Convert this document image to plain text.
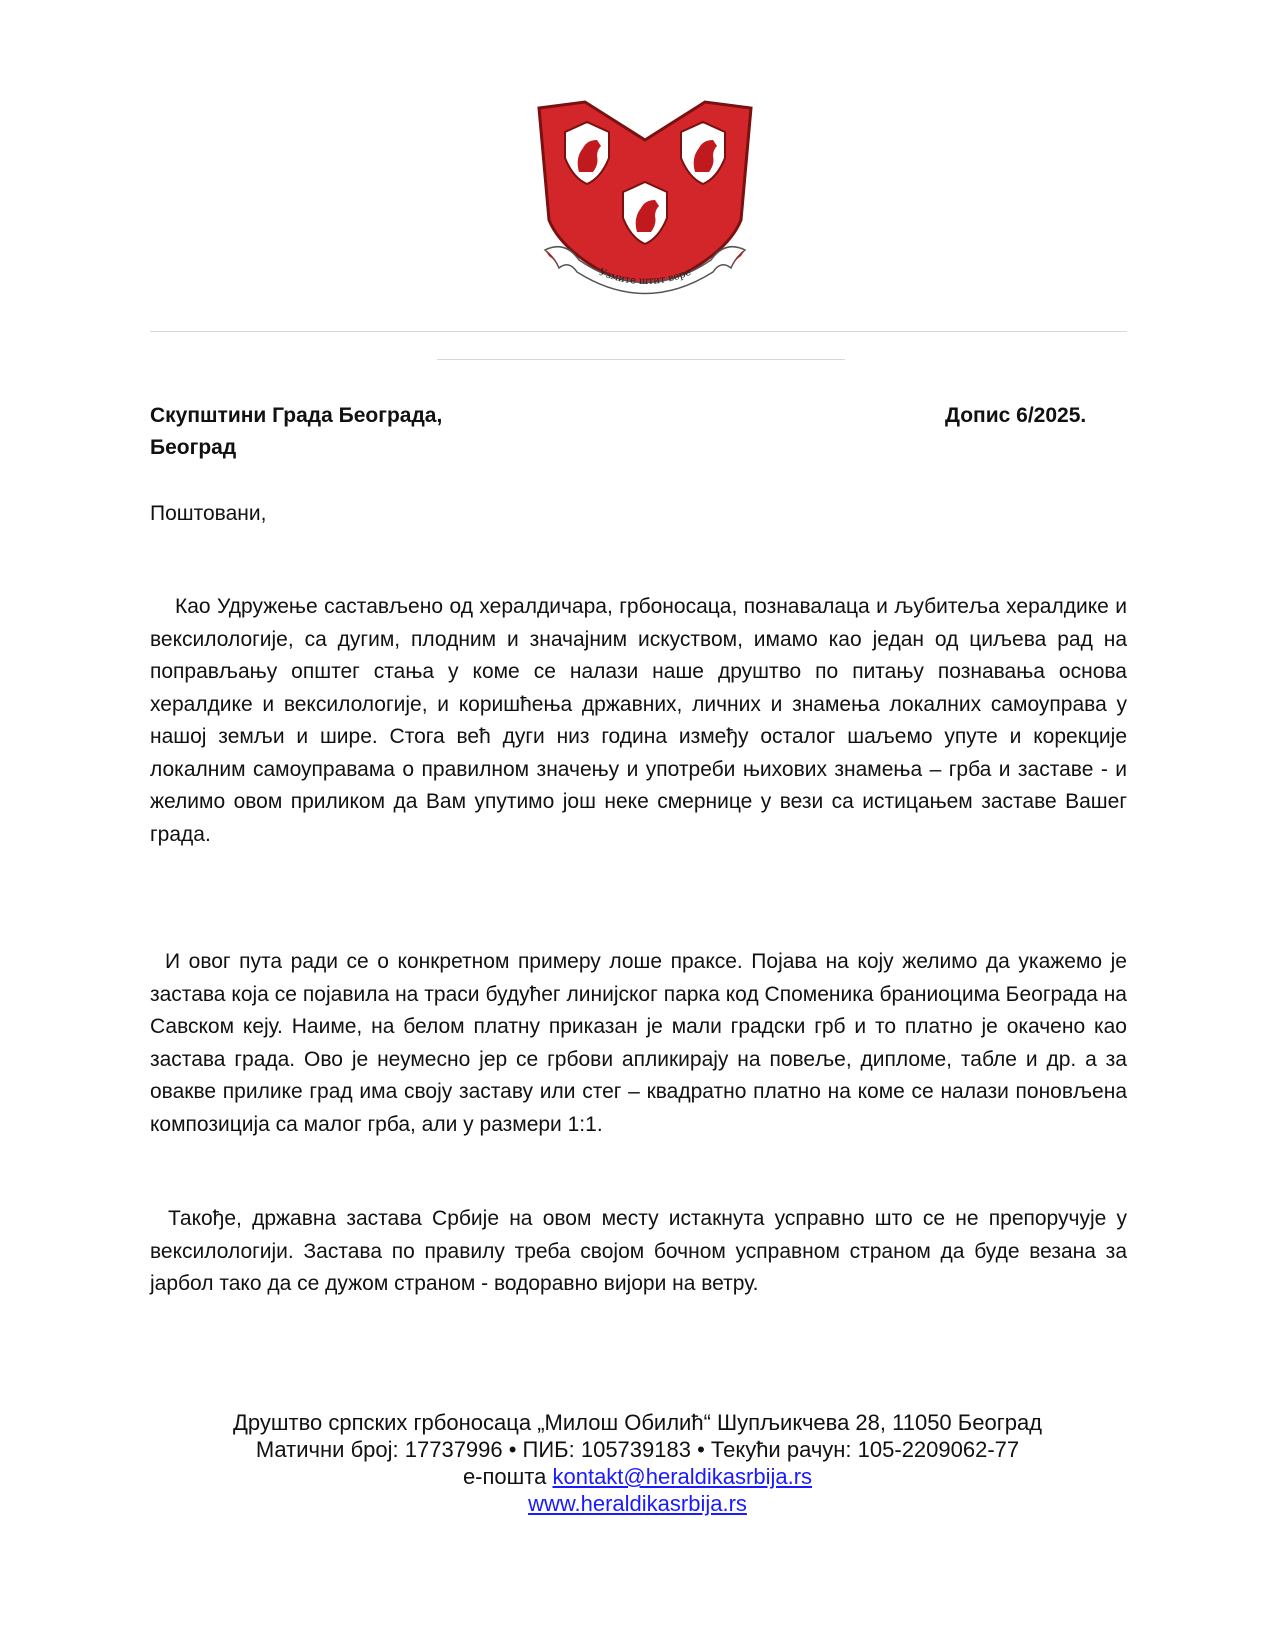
Узмите штит вере
Скупштини Града Београда,
Београд
Допис 6/2025.
Поштовани,
Као Удружење састављено од хералдичара, грбоносаца, познавалаца и љубитеља хералдике и вексилологије, са дугим, плодним и значајним искуством, имамо као један од циљева рад на поправљању општег стања у коме се налази наше друштво по питању познавања основа хералдике и вексилологије, и коришћења државних, личних и знамења локалних самоуправа у нашој земљи и шире. Стога већ дуги низ година између осталог шаљемо упуте и корекције локалним самоуправама о правилном значењу и употреби њихових знамења – грба и заставе - и желимо овом приликом да Вам упутимо још неке смернице у вези са истицањем заставе Вашег града.
И овог пута ради се о конкретном примеру лоше праксе. Појава на коју желимо да укажемо је застава која се појавила на траси будућег линијског парка код Споменика браниоцима Београда на Савском кеју. Наиме, на белом платну приказан је мали градски грб и то платно је окачено као застава града. Ово је неумесно јер се грбови апликирају на повеље, дипломе, табле и др. а за овакве прилике град има своју заставу или стег – квадратно платно на коме се налази поновљена композиција са малог грба, али у размери 1:1.
Такође, државна застава Србије на овом месту истакнута усправно што се не препоручује у вексилологији. Застава по правилу треба својом бочном усправном страном да буде везана за јарбол тако да се дужом страном - водоравно вијори на ветру.
Друштво српских грбоносаца „Милош Обилић“ Шупљикчева 28, 11050 Београд
Матични број: 17737996 • ПИБ: 105739183 • Текући рачун: 105-2209062-77
е-пошта kontakt@heraldikasrbija.rs
www.heraldikasrbija.rs
